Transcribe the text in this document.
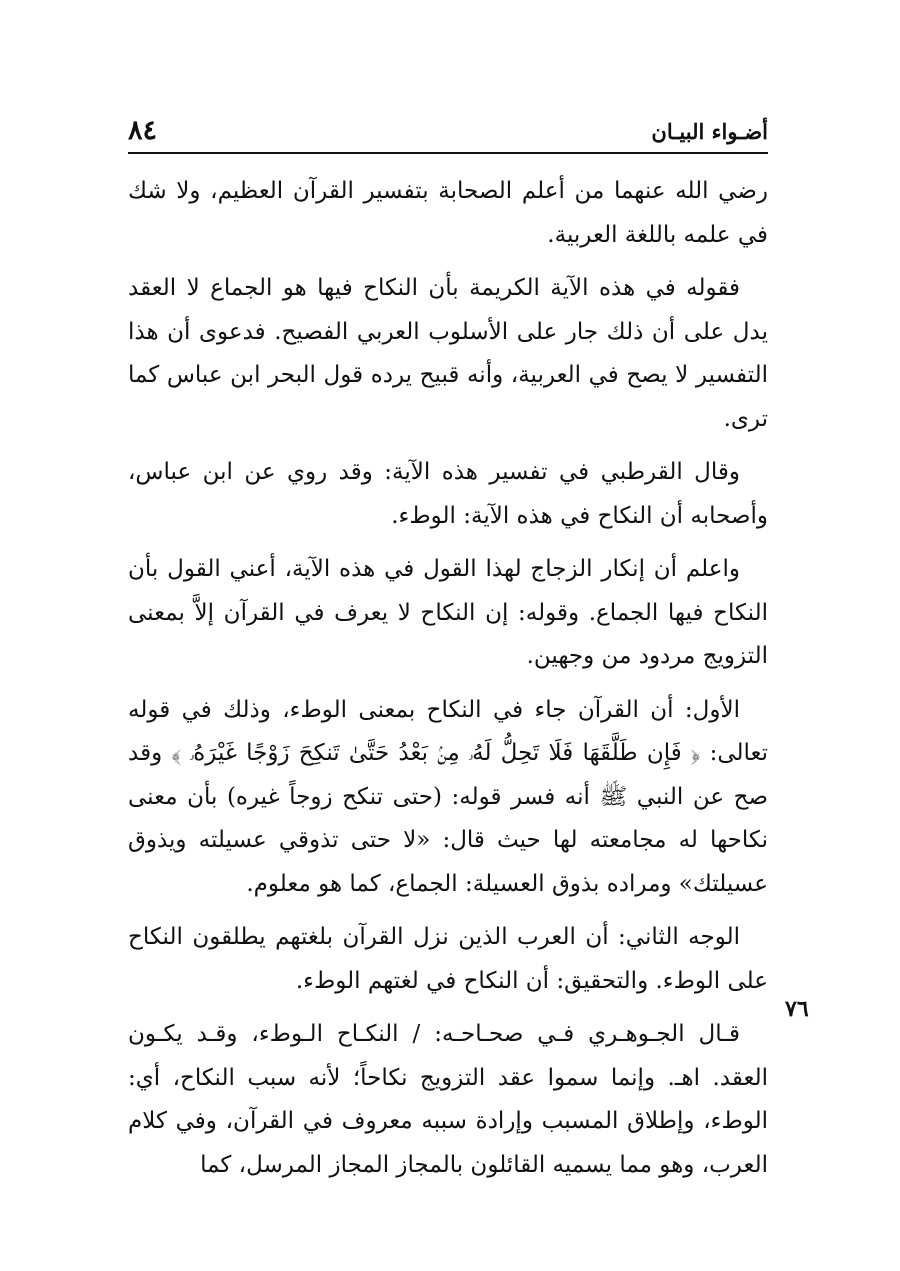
أضـواء البيـان
٨٤
٧٦

رضي الله عنهما من أعلم الصحابة بتفسير القرآن العظيم، ولا شك في علمه باللغة العربية.

فقوله في هذه الآية الكريمة بأن النكاح فيها هو الجماع لا العقد يدل على أن ذلك جار على الأسلوب العربي الفصيح. فدعوى أن هذا التفسير لا يصح في العربية، وأنه قبيح يرده قول البحر ابن عباس كما ترى.

وقال القرطبي في تفسير هذه الآية: وقد روي عن ابن عباس، وأصحابه أن النكاح في هذه الآية: الوطء.

واعلم أن إنكار الزجاج لهذا القول في هذه الآية، أعني القول بأن النكاح فيها الجماع. وقوله: إن النكاح لا يعرف في القرآن إلاَّ بمعنى التزويج مردود من وجهين.

الأول: أن القرآن جاء في النكاح بمعنى الوطء، وذلك في قوله تعالى: ﴿ فَإِن طَلَّقَهَا فَلَا تَحِلُّ لَهُۥ مِنۢ بَعْدُ حَتَّىٰ تَنكِحَ زَوْجًا غَيْرَهُۥ ﴾ وقد صح عن النبي ﷺ أنه فسر قوله: (حتى تنكح زوجاً غيره) بأن معنى نكاحها له مجامعته لها حيث قال: «لا حتى تذوقي عسيلته ويذوق عسيلتك» ومراده بذوق العسيلة: الجماع، كما هو معلوم.

الوجه الثاني: أن العرب الذين نزل القرآن بلغتهم يطلقون النكاح على الوطء. والتحقيق: أن النكاح في لغتهم الوطء.

قـال الجـوهـري فـي صحـاحـه: / النكـاح الـوطء، وقـد يكـون العقد. اهـ. وإنما سموا عقد التزويج نكاحاً؛ لأنه سبب النكاح، أي: الوطء، وإطلاق المسبب وإرادة سببه معروف في القرآن، وفي كلام العرب، وهو مما يسميه القائلون بالمجاز المجاز المرسل، كما
